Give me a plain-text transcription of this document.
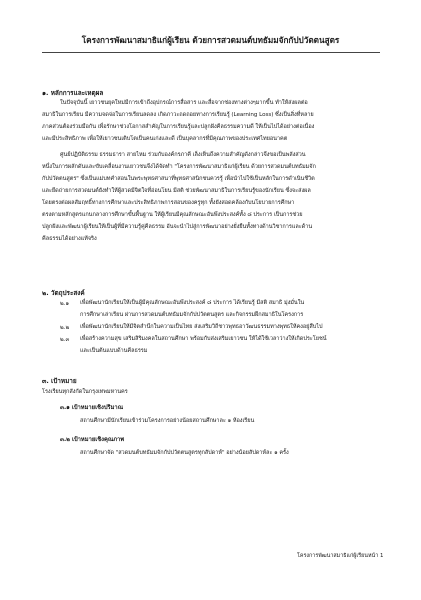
โครงการพัฒนาสมาธิแก่ผู้เรียน ด้วยการสวดมนต์บทธัมมจักกัปปวัตตนสูตร
๑. หลักการและเหตุผล
ในปัจจุบันนี้ เยาวชนยุคใหม่มีการเข้าถึงอุปกรณ์การสื่อสาร และสื่อจากช่องทางต่างๆมากขึ้น ทำให้ส่งผลต่อ
สมาธิในการเรียน มีความจดจ่อในการเรียนลดลง เกิดภาวะถดถอยทางการเรียนรู้ (Learning Loss) ซึ่งเป็นสิ่งที่หลาย
ภาคส่วนต้องร่วมมือกัน เพื่อรักษาช่วงโอกาสสำคัญในการเรียนรู้และปลูกฝังคีลธรรมความดี ให้เป็นไปได้อย่างต่อเนื่อง
และมีประสิทธิภาพ เพื่อให้เยาวชนเติบโตเป็นคนเก่งและดี เป็นบุคลากรที่มีคุณภาพของประเทศไทยอนาคต
ศูนย์ปฏิบัติธรรม ธรรมธารา สายไหม ร่วมกับองค์กรภาคี เล็งเห็นถึงความสำคัญดังกล่าวจึงขอเป็นพลังส่วน
หนึ่งในการผลักดันและขับเคลื่อนงานเยาวชนจึงได้จัดทำ "โครงการพัฒนาสมาธิแก่ผู้เรียน ด้วยการสวดมนต์บทธัมมจัก
กัปปวัตตนสูตร" ซึ่งเป็นแม่บทคำสอนในพระพุทธศาสนาที่พุทธศาสนิกชนควรรู้ เพื่อนำไปใช้เป็นหลักในการดำเนินชีวิต
และยึดถ่ายการสวดมนต์ยังทำให้ผู้สวดมีจิตใจที่อ่อนโยน มีสติ ช่วยพัฒนาสมาธิในการเรียนรู้ของนักเรียน ซึ่งจะส่งผล
โดยตรงต่อผลสัมฤทธิ์ทางการศึกษาและประสิทธิภาพการสอนของครูทุก ทั้งยังสอดคล้องกับนโยบายการศึกษา
ตรงตามหลักสูตรแกนกลางการศึกษาขั้นพื้นฐาน ให้ผู้เรียนมีคุณลักษณะอันพึงประสงค์ทั้ง ๘ ประการ เป็นการช่วย
ปลูกฝังและพัฒนาผู้เรียนให้เป็นผู้ที่มีความรู้คู่คีลธรรม อันจะนำไปสู่การพัฒนาอย่างยั่งยืนทั้งทางด้านวิชาการและด้าน
คีลธรรมได้อย่างแท้จริง
๒. วัตถุประสงค์
๒.๑ เพื่อพัฒนานักเรียนให้เป็นผู้มีคุณลักษณะอันพึงประสงค์ ๘ ประการ ได้เรียนรู้ มีสติ สมาธิ มุ่งมั่นใน
การศึกษาเล่าเรียน ผ่านการสวดมนต์บทธัมมจักกัปปวัตตนสูตร และกิจกรรมฝึกสมาธิในโครงการ
๒.๒ เพื่อพัฒนานักเรียนให้มีจิตสำนึกในความเป็นไทย ส่งเสริมวิถีชาวพุทธอาวัฒนธรรมทางพุทธให้คงอยู่สืบไป
๒.๓ เพื่อสร้างความสุข เสริมสิริมงคลในสถานศึกษา พร้อมกับส่งเสริมเยาวชน ให้ได้ใช้เวลาว่างให้เกิดประโยชน์
และเป็นต้นแบบด้านคีลธรรม
๓. เป้าหมาย
โรงเรียนทุกสังกัดในกรุงเทพมหานคร
๓.๑ เป้าหมายเชิงปริมาณ
สถานศึกษามีนักเรียนเข้าร่วมโครงการอย่างน้อยสถานศึกษาละ ๑ ห้องเรียน
๓.๒ เป้าหมายเชิงคุณภาพ
สถานศึกษาจัด "สวดมนต์บทธัมมจักกัปปวัตตนสูตรทุกสัปดาห์" อย่างน้อยสัปดาห์ละ ๑ ครั้ง
โครงการพัฒนาสมาธิแก่ผู้เรียนหน้า 1
